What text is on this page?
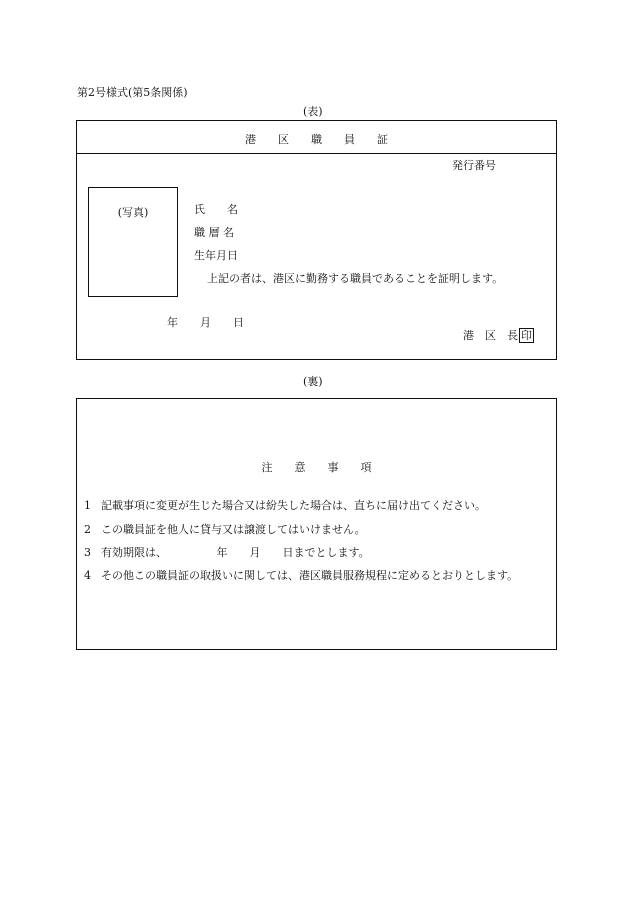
第2号様式(第5条関係)
(表)
港　　区　　職　　員　　証
発行番号
(写真)	氏　　名
職 層 名
生年月日
上記の者は、港区に勤務する職員であることを証明します。
年　　月　　日
港　区　長 印
(裏)
注　　意　　事　　項
1 記載事項に変更が生じた場合又は紛失した場合は、直ちに届け出てください。
2 この職員証を他人に貸与又は譲渡してはいけません。
3 有効期限は、　　　　　年　　月　　日までとします。
4 その他この職員証の取扱いに関しては、港区職員服務規程に定めるとおりとします。
